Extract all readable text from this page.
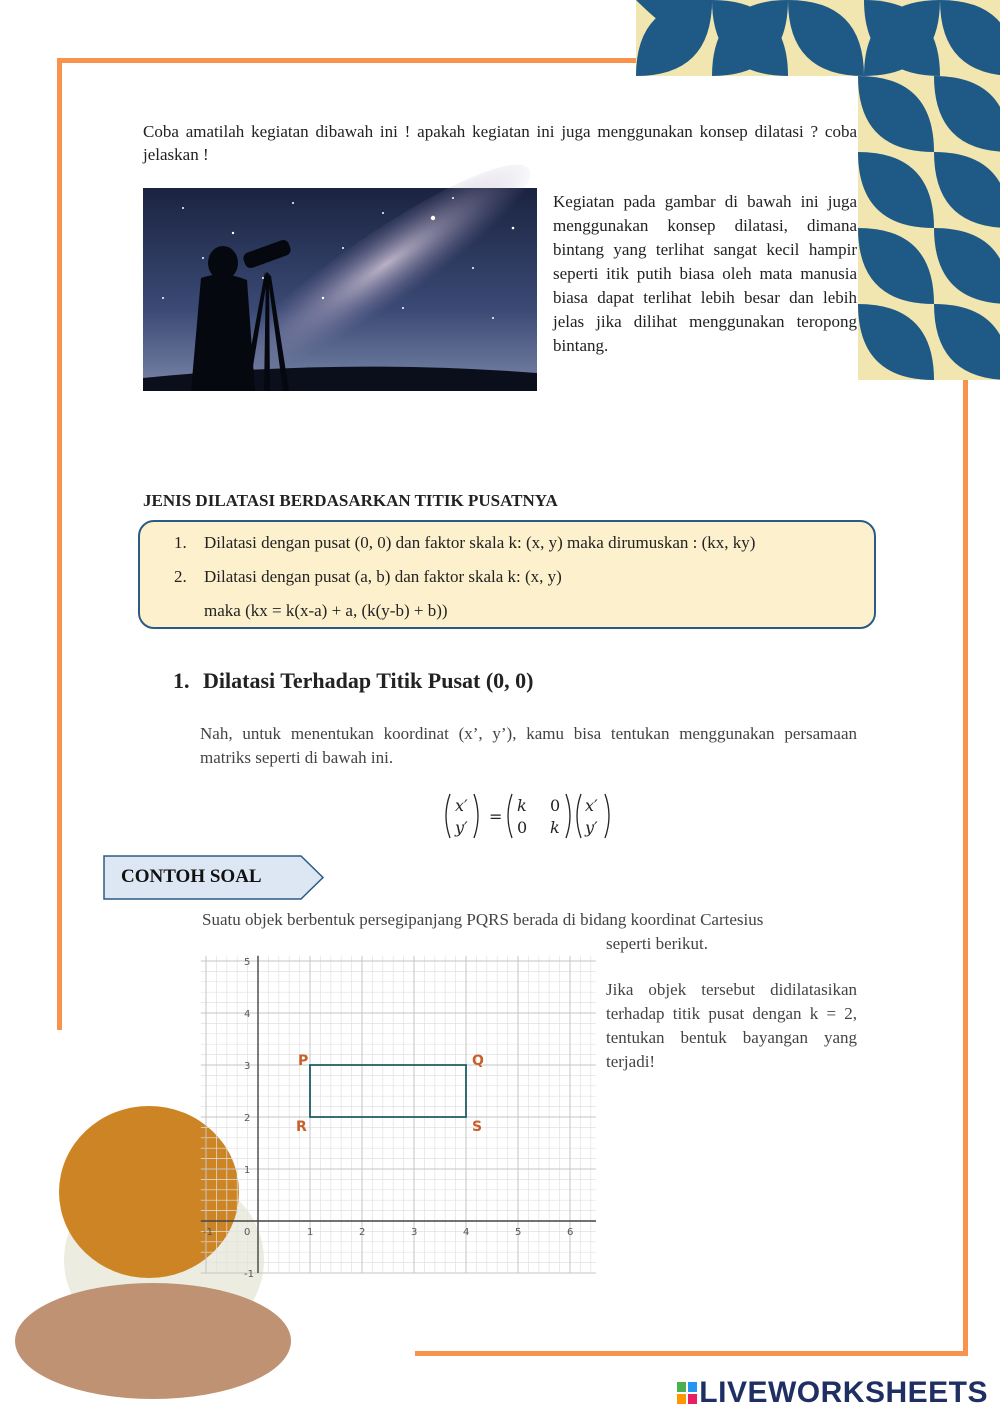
Coba amatilah kegiatan dibawah ini ! apakah kegiatan ini juga menggunakan konsep dilatasi ? coba jelaskan !
Kegiatan pada gambar di bawah ini juga menggunakan konsep dilatasi, dimana bintang yang terlihat sangat kecil hampir seperti itik putih biasa oleh mata manusia biasa dapat terlihat lebih besar dan lebih jelas jika dilihat menggunakan teropong bintang.
JENIS DILATASI BERDASARKAN TITIK PUSATNYA
1. Dilatasi dengan pusat (0, 0) dan faktor skala k: (x, y) maka dirumuskan : (kx, ky)
2. Dilatasi dengan pusat (a, b) dan faktor skala k: (x, y)
maka (kx = k(x-a) + a, (k(y-b) + b))
1. Dilatasi Terhadap Titik Pusat (0, 0)
Nah, untuk menentukan koordinat (x’, y’), kamu bisa tentukan menggunakan persamaan matriks seperti di bawah ini.
x′
y′
=
k 0
0 k
x′
y′
CONTOH SOAL
Suatu objek berbentuk persegipanjang PQRS berada di bidang koordinat Cartesius
seperti berikut.
Jika objek tersebut didilatasikan terhadap titik pusat dengan k = 2, tentukan bentuk bayangan yang terjadi!
-1	0	1	2	3	4	5	6
-1
1
2
3
4
5
P	Q
R	S
LIVEWORKSHEETS
